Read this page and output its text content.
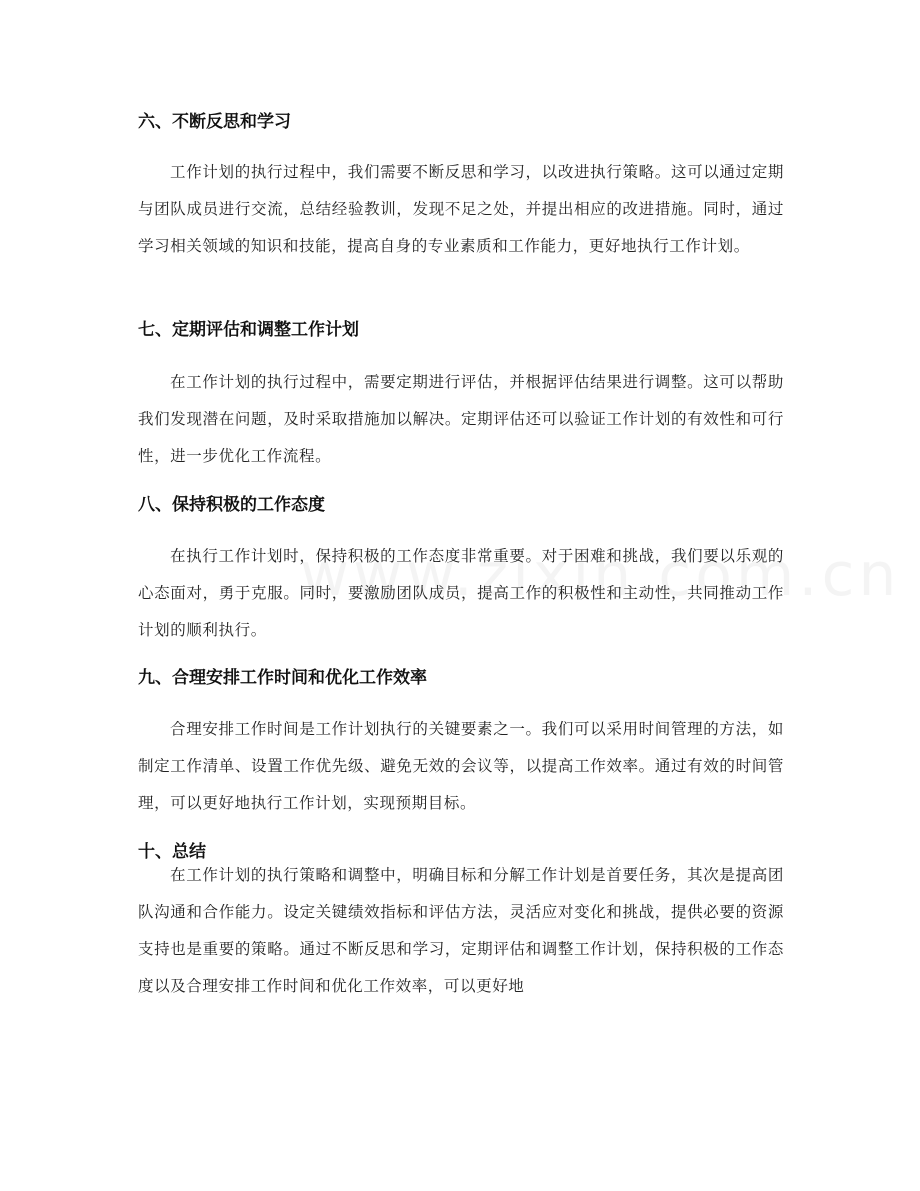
六、不断反思和学习
工作计划的执行过程中，我们需要不断反思和学习，以改进执行策略。这可以通过定期与团队成员进行交流，总结经验教训，发现不足之处，并提出相应的改进措施。同时，通过学习相关领域的知识和技能，提高自身的专业素质和工作能力，更好地执行工作计划。
七、定期评估和调整工作计划
在工作计划的执行过程中，需要定期进行评估，并根据评估结果进行调整。这可以帮助我们发现潜在问题，及时采取措施加以解决。定期评估还可以验证工作计划的有效性和可行性，进一步优化工作流程。
八、保持积极的工作态度
在执行工作计划时，保持积极的工作态度非常重要。对于困难和挑战，我们要以乐观的心态面对，勇于克服。同时，要激励团队成员，提高工作的积极性和主动性，共同推动工作计划的顺利执行。
九、合理安排工作时间和优化工作效率
合理安排工作时间是工作计划执行的关键要素之一。我们可以采用时间管理的方法，如制定工作清单、设置工作优先级、避免无效的会议等，以提高工作效率。通过有效的时间管理，可以更好地执行工作计划，实现预期目标。
十、总结
在工作计划的执行策略和调整中，明确目标和分解工作计划是首要任务，其次是提高团队沟通和合作能力。设定关键绩效指标和评估方法，灵活应对变化和挑战，提供必要的资源支持也是重要的策略。通过不断反思和学习，定期评估和调整工作计划，保持积极的工作态度以及合理安排工作时间和优化工作效率，可以更好地
